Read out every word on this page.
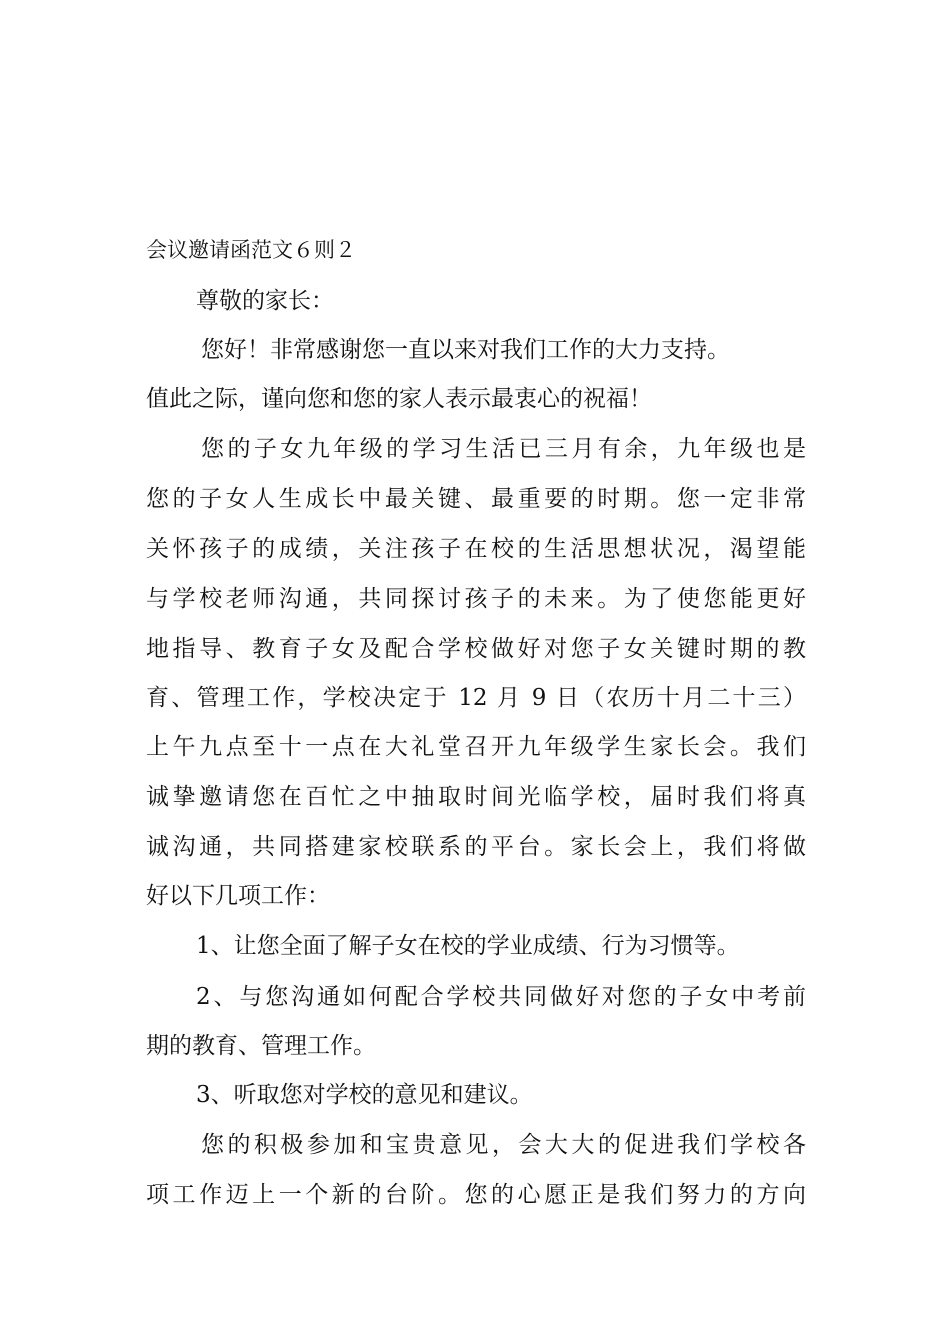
会议邀请函范文６则２
尊敬的家长：
您好！非常感谢您一直以来对我们工作的大力支持。
值此之际，谨向您和您的家人表示最衷心的祝福！
您的子女九年级的学习生活已三月有余，九年级也是
您的子女人生成长中最关键、最重要的时期。您一定非常
关怀孩子的成绩，关注孩子在校的生活思想状况，渴望能
与学校老师沟通，共同探讨孩子的未来。为了使您能更好
地指导、教育子女及配合学校做好对您子女关键时期的教
育、管理工作，学校决定于 12 月 9 日（农历十月二十三）
上午九点至十一点在大礼堂召开九年级学生家长会。我们
诚挚邀请您在百忙之中抽取时间光临学校，届时我们将真
诚沟通，共同搭建家校联系的平台。家长会上，我们将做
好以下几项工作：
1、让您全面了解子女在校的学业成绩、行为习惯等。
2、与您沟通如何配合学校共同做好对您的子女中考前
期的教育、管理工作。
3、听取您对学校的意见和建议。
您的积极参加和宝贵意见，会大大的促进我们学校各
项工作迈上一个新的台阶。您的心愿正是我们努力的方向
